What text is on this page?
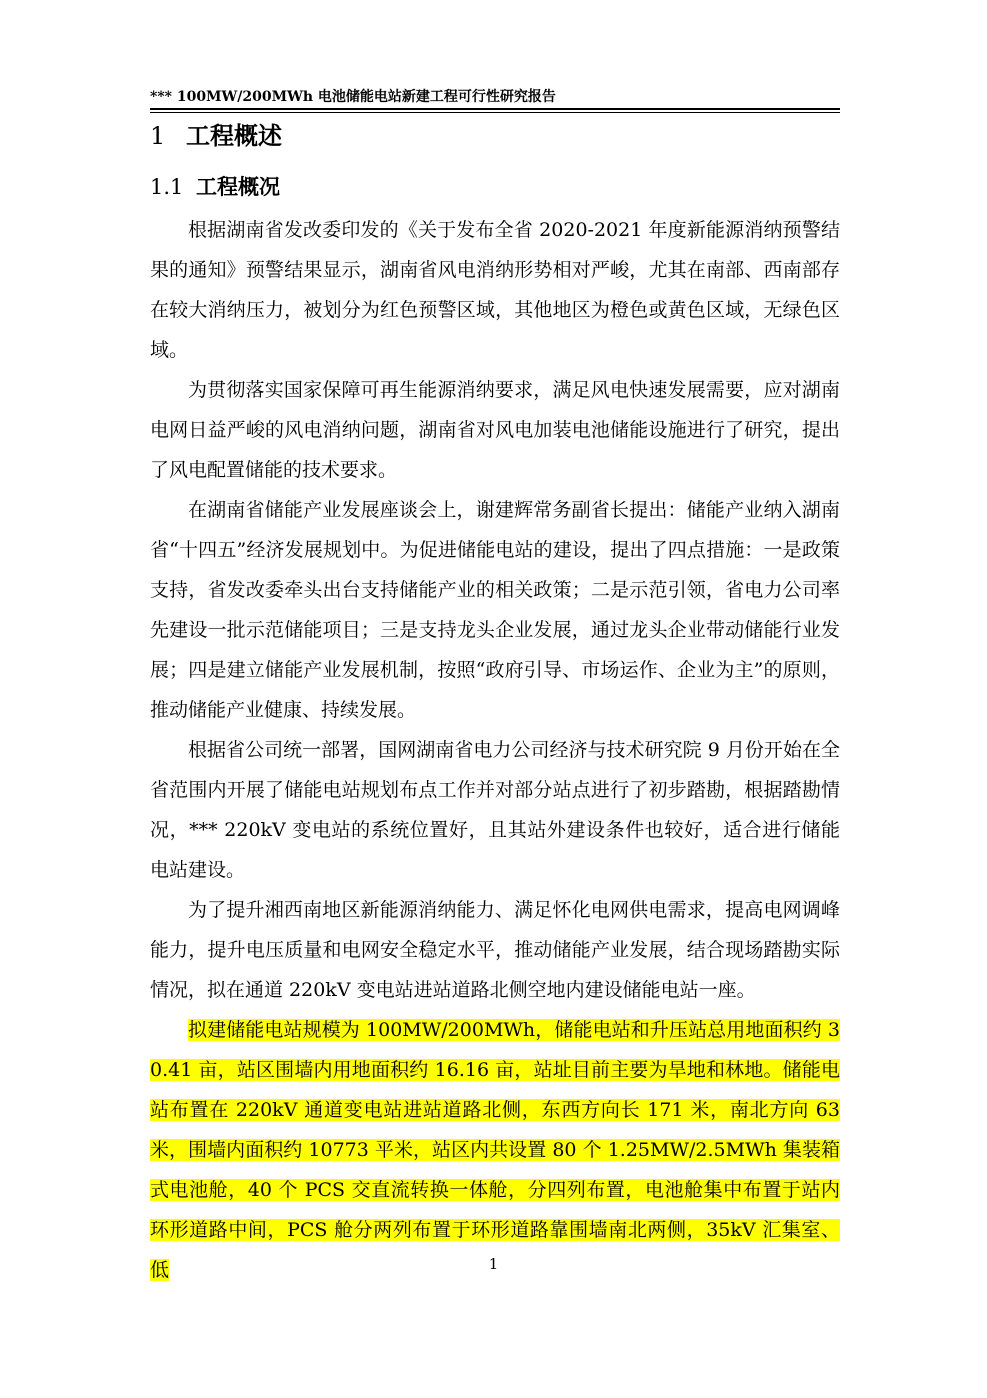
*** 100MW/200MWh 电池储能电站新建工程可行性研究报告
1 工程概述
1.1 工程概况

根据湖南省发改委印发的《关于发布全省 2020-2021 年度新能源消纳预警结果的通知》预警结果显示，湖南省风电消纳形势相对严峻，尤其在南部、西南部存在较大消纳压力，被划分为红色预警区域，其他地区为橙色或黄色区域，无绿色区域。

为贯彻落实国家保障可再生能源消纳要求，满足风电快速发展需要，应对湖南电网日益严峻的风电消纳问题，湖南省对风电加装电池储能设施进行了研究，提出了风电配置储能的技术要求。

在湖南省储能产业发展座谈会上，谢建辉常务副省长提出：储能产业纳入湖南省“十四五”经济发展规划中。为促进储能电站的建设，提出了四点措施：一是政策支持，省发改委牵头出台支持储能产业的相关政策；二是示范引领，省电力公司率先建设一批示范储能项目；三是支持龙头企业发展，通过龙头企业带动储能行业发展；四是建立储能产业发展机制，按照“政府引导、市场运作、企业为主”的原则，推动储能产业健康、持续发展。

根据省公司统一部署，国网湖南省电力公司经济与技术研究院 9 月份开始在全省范围内开展了储能电站规划布点工作并对部分站点进行了初步踏勘，根据踏勘情况，*** 220kV 变电站的系统位置好，且其站外建设条件也较好，适合进行储能电站建设。

为了提升湘西南地区新能源消纳能力、满足怀化电网供电需求，提高电网调峰能力，提升电压质量和电网安全稳定水平，推动储能产业发展，结合现场踏勘实际情况，拟在通道 220kV 变电站进站道路北侧空地内建设储能电站一座。

拟建储能电站规模为 100MW/200MWh，储能电站和升压站总用地面积约 30.41 亩，站区围墙内用地面积约 16.16 亩，站址目前主要为旱地和林地。储能电站布置在 220kV 通道变电站进站道路北侧，东西方向长 171 米，南北方向 63 米，围墙内面积约 10773 平米，站区内共设置 80 个 1.25MW/2.5MWh 集装箱式电池舱，40 个 PCS 交直流转换一体舱，分四列布置，电池舱集中布置于站内环形道路中间，PCS 舱分两列布置于环形道路靠围墙南北两侧，35kV 汇集室、低	1
